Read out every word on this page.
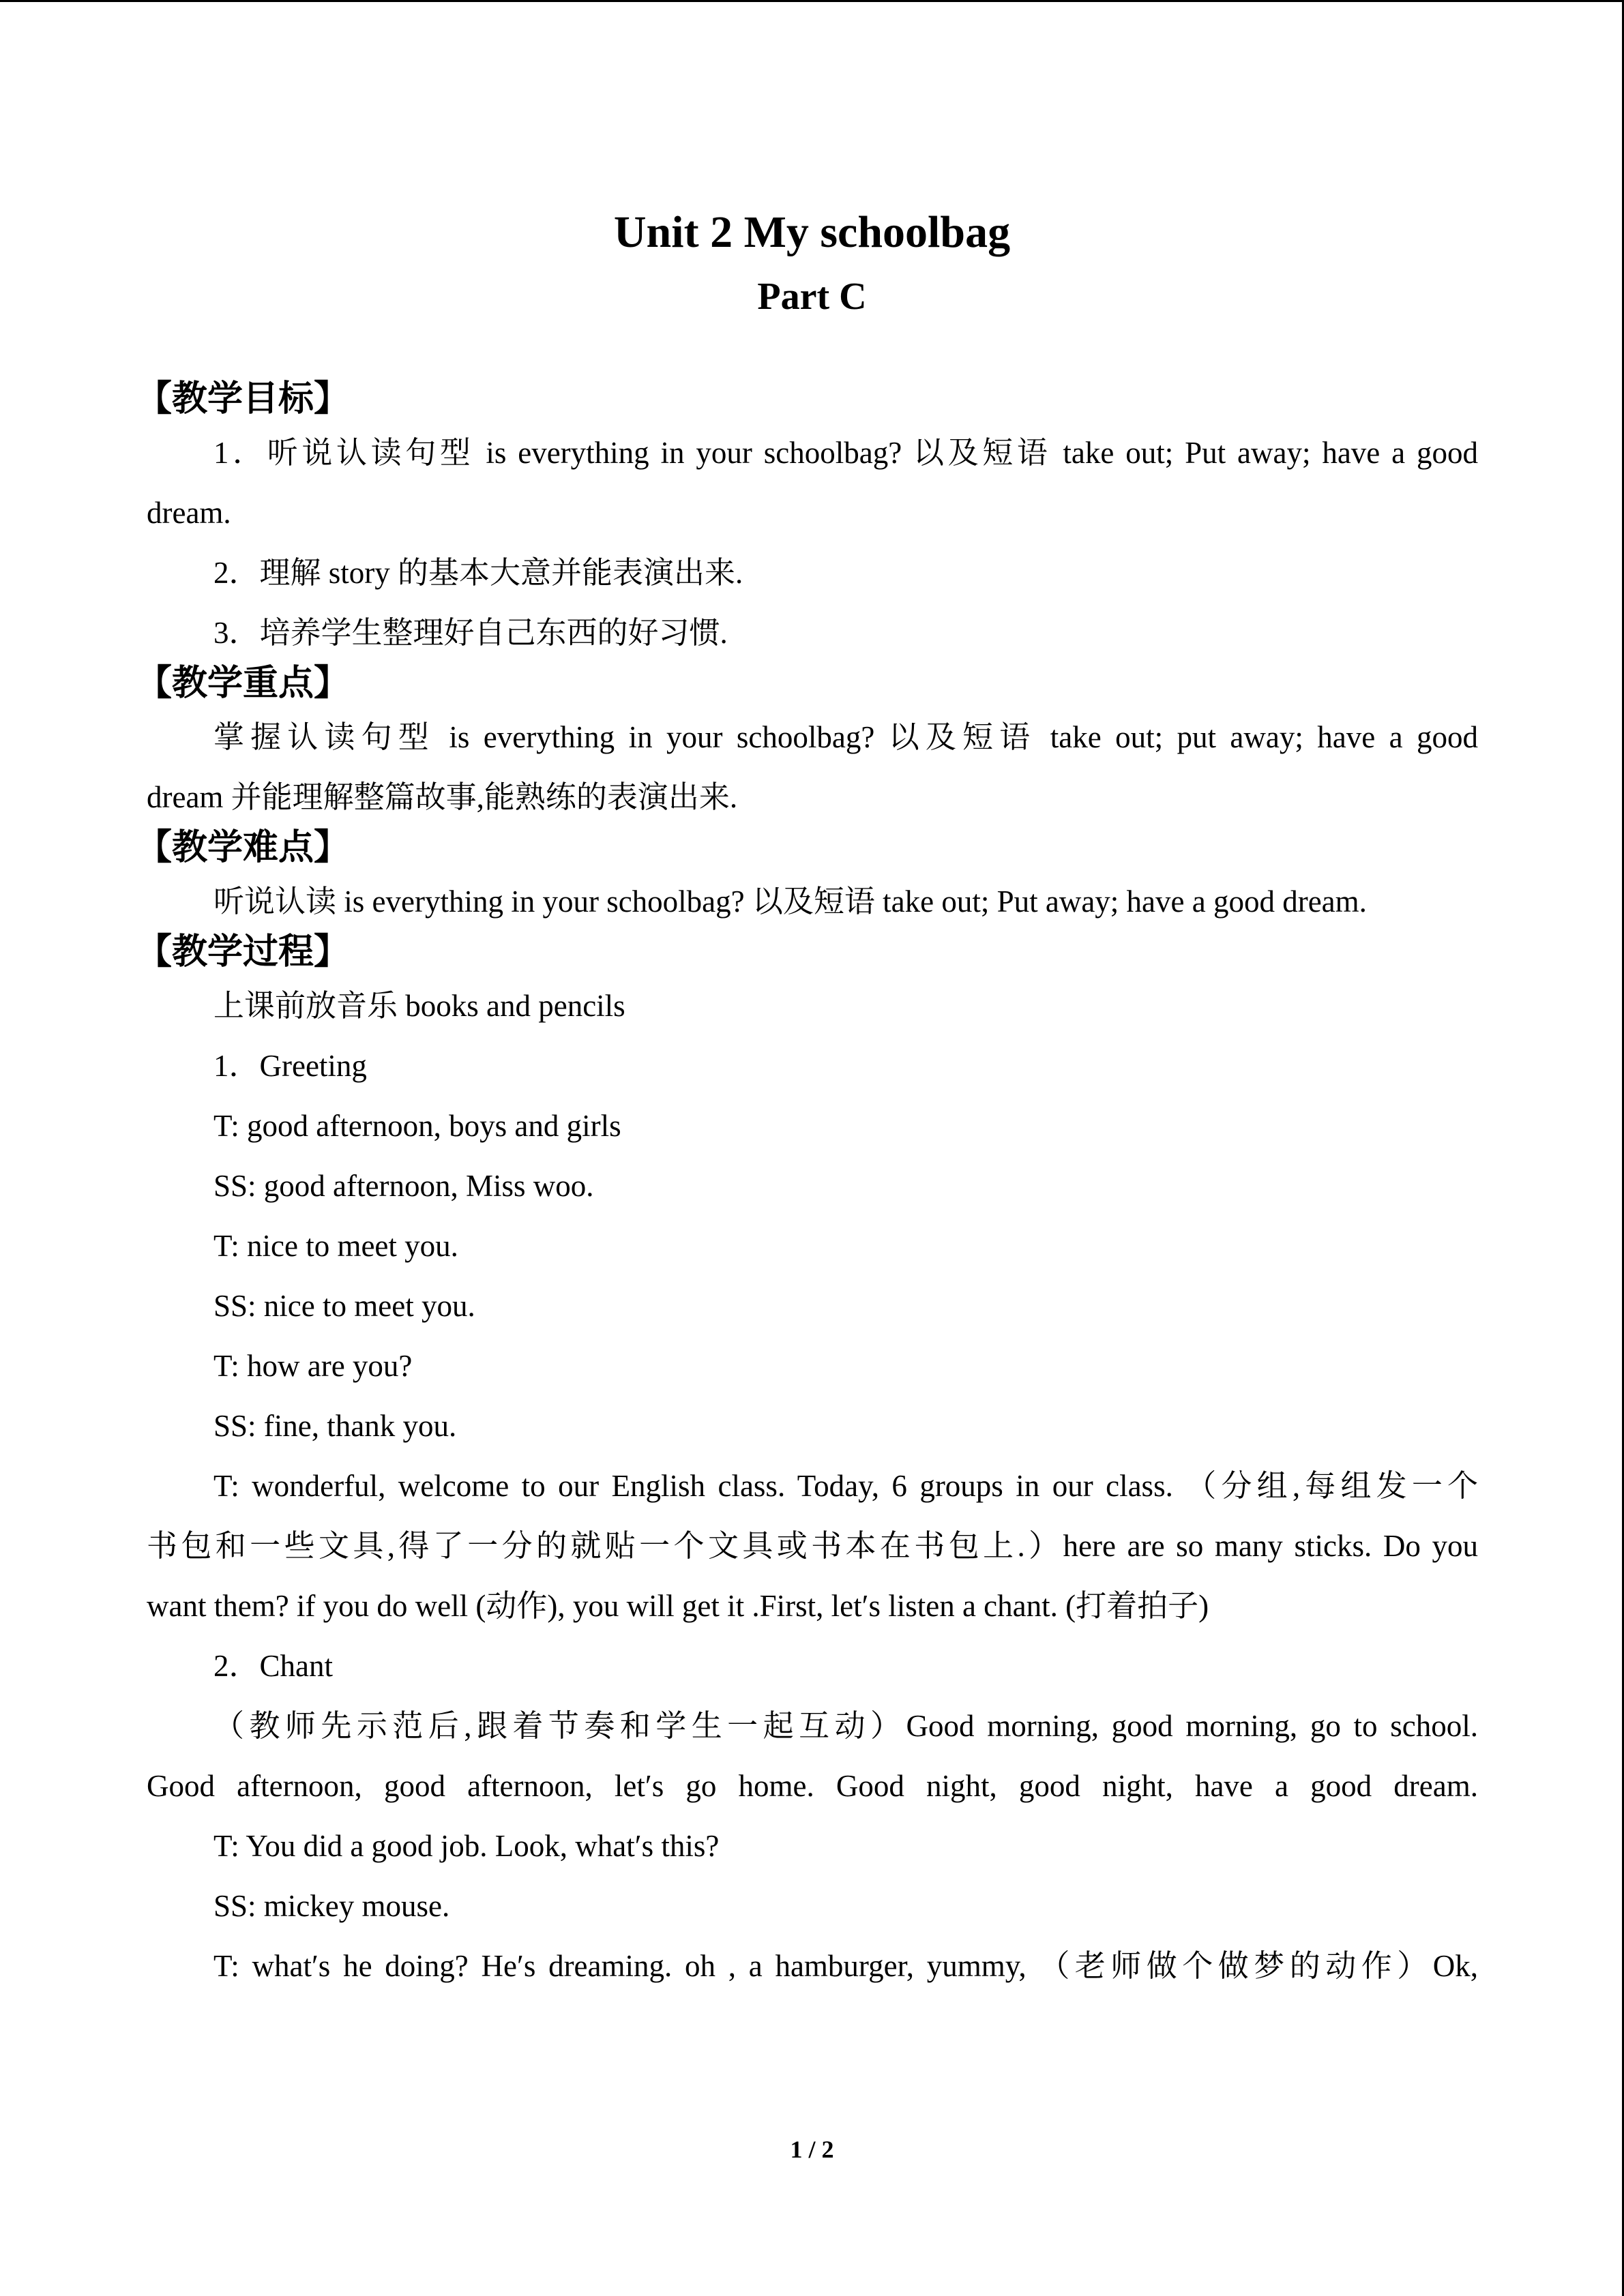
Unit 2 My schoolbag
Part C
【教学目标】
1．听说认读句型 is everything in your schoolbag? 以及短语 take out; Put away; have a good
dream.
2．理解 story 的基本大意并能表演出来.
3．培养学生整理好自己东西的好习惯.
【教学重点】
掌握认读句型 is everything in your schoolbag? 以及短语 take out; put away; have a good
dream 并能理解整篇故事,能熟练的表演出来.
【教学难点】
听说认读 is everything in your schoolbag? 以及短语 take out; Put away; have a good dream.
【教学过程】
上课前放音乐 books and pencils
1．Greeting
T: good afternoon, boys and girls
SS: good afternoon, Miss woo.
T: nice to meet you.
SS: nice to meet you.
T: how are you?
SS: fine, thank you.
T: wonderful, welcome to our English class. Today, 6 groups in our class. （分组,每组发一个
书包和一些文具,得了一分的就贴一个文具或书本在书包上.）here are so many sticks. Do you
want them? if you do well (动作), you will get it .First, let′s listen a chant. (打着拍子)
2．Chant
（教师先示范后,跟着节奏和学生一起互动）Good morning, good morning, go to school.
Good afternoon, good afternoon, let′s go home. Good night, good night, have a good dream.
T: You did a good job. Look, what′s this?
SS: mickey mouse.
T: what′s he doing? He′s dreaming. oh , a hamburger, yummy, （老师做个做梦的动作）Ok,
1 / 2
